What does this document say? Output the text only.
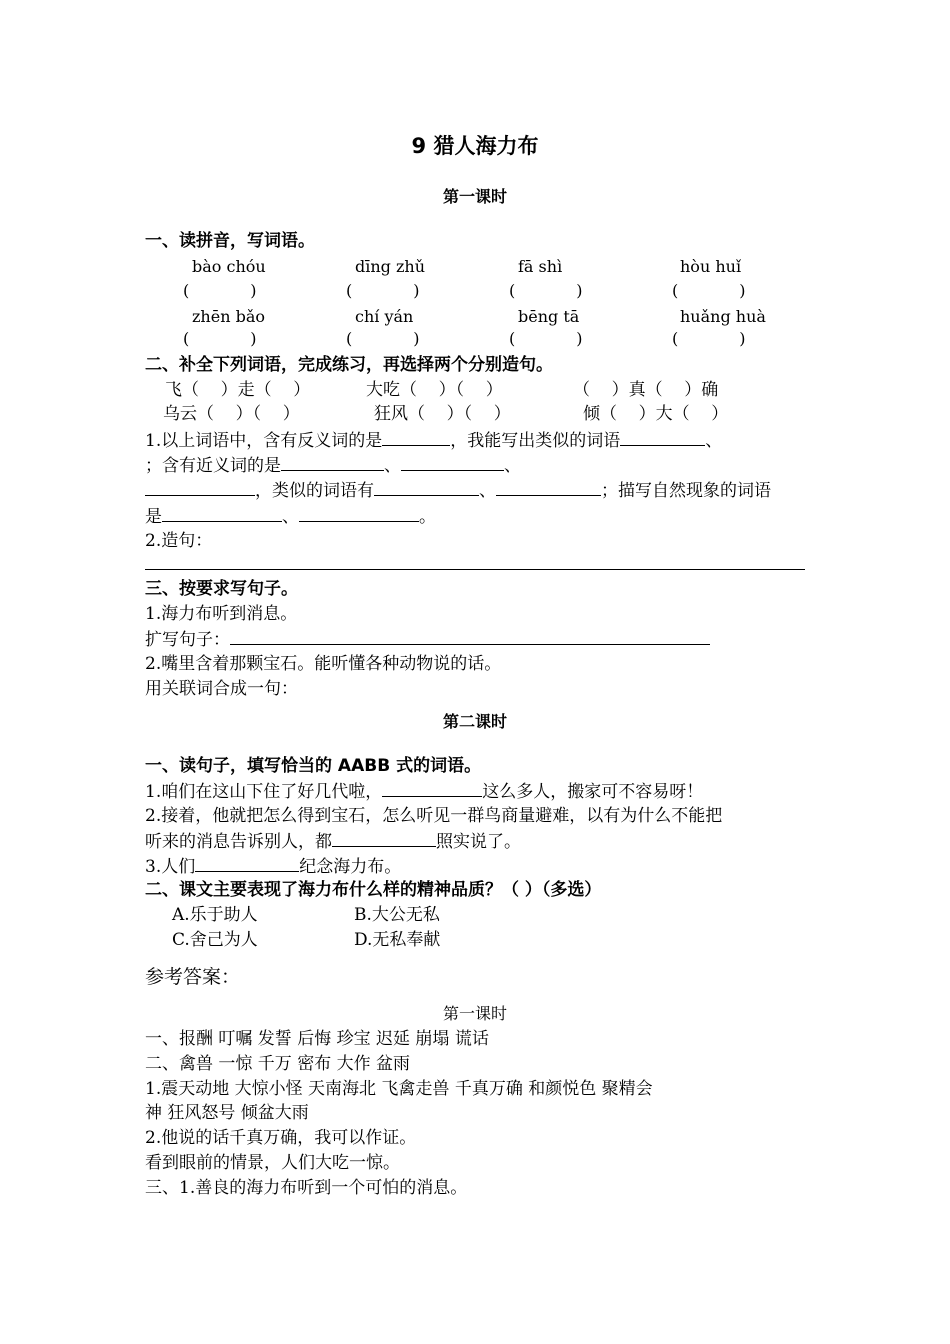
9 猎人海力布
第一课时
一、读拼音，写词语。
bào chóu	dīng zhǔ	fā shì	hòu huǐ
(            )	(            )	(            )	(            )
zhēn bǎo	chí yán	bēng tā	huǎng huà
(            )	(            )	(            )	(            )
二、补全下列词语，完成练习，再选择两个分别造句。
飞（    ）走（    ）	大吃（    ）（    ）	（    ）真（    ）确
乌云（    ）（    ）	狂风（    ）（    ）	倾（    ）大（    ）
1.以上词语中，含有反义词的是	，我能写出类似的词语	、
；含有近义词的是	、	、
，类似的词语有	、	；描写自然现象的词语
是	、	。
2.造句：
三、按要求写句子。
1.海力布听到消息。
扩写句子：
2.嘴里含着那颗宝石。能听懂各种动物说的话。
用关联词合成一句：
第二课时
一、读句子，填写恰当的 AABB 式的词语。
1.咱们在这山下住了好几代啦，	这么多人，搬家可不容易呀！
2.接着，他就把怎么得到宝石，怎么听见一群鸟商量避难，以有为什么不能把
听来的消息告诉别人，都	照实说了。
3.人们	纪念海力布。
二、课文主要表现了海力布什么样的精神品质？（ ）（多选）
A.乐于助人	B.大公无私
C.舍己为人	D.无私奉献
参考答案：
第一课时
一、报酬 叮嘱 发誓 后悔 珍宝 迟延 崩塌 谎话
二、禽兽 一惊 千万 密布 大作 盆雨
1.震天动地 大惊小怪 天南海北 飞禽走兽 千真万确 和颜悦色 聚精会
神 狂风怒号 倾盆大雨
2.他说的话千真万确，我可以作证。
看到眼前的情景，人们大吃一惊。
三、1.善良的海力布听到一个可怕的消息。
